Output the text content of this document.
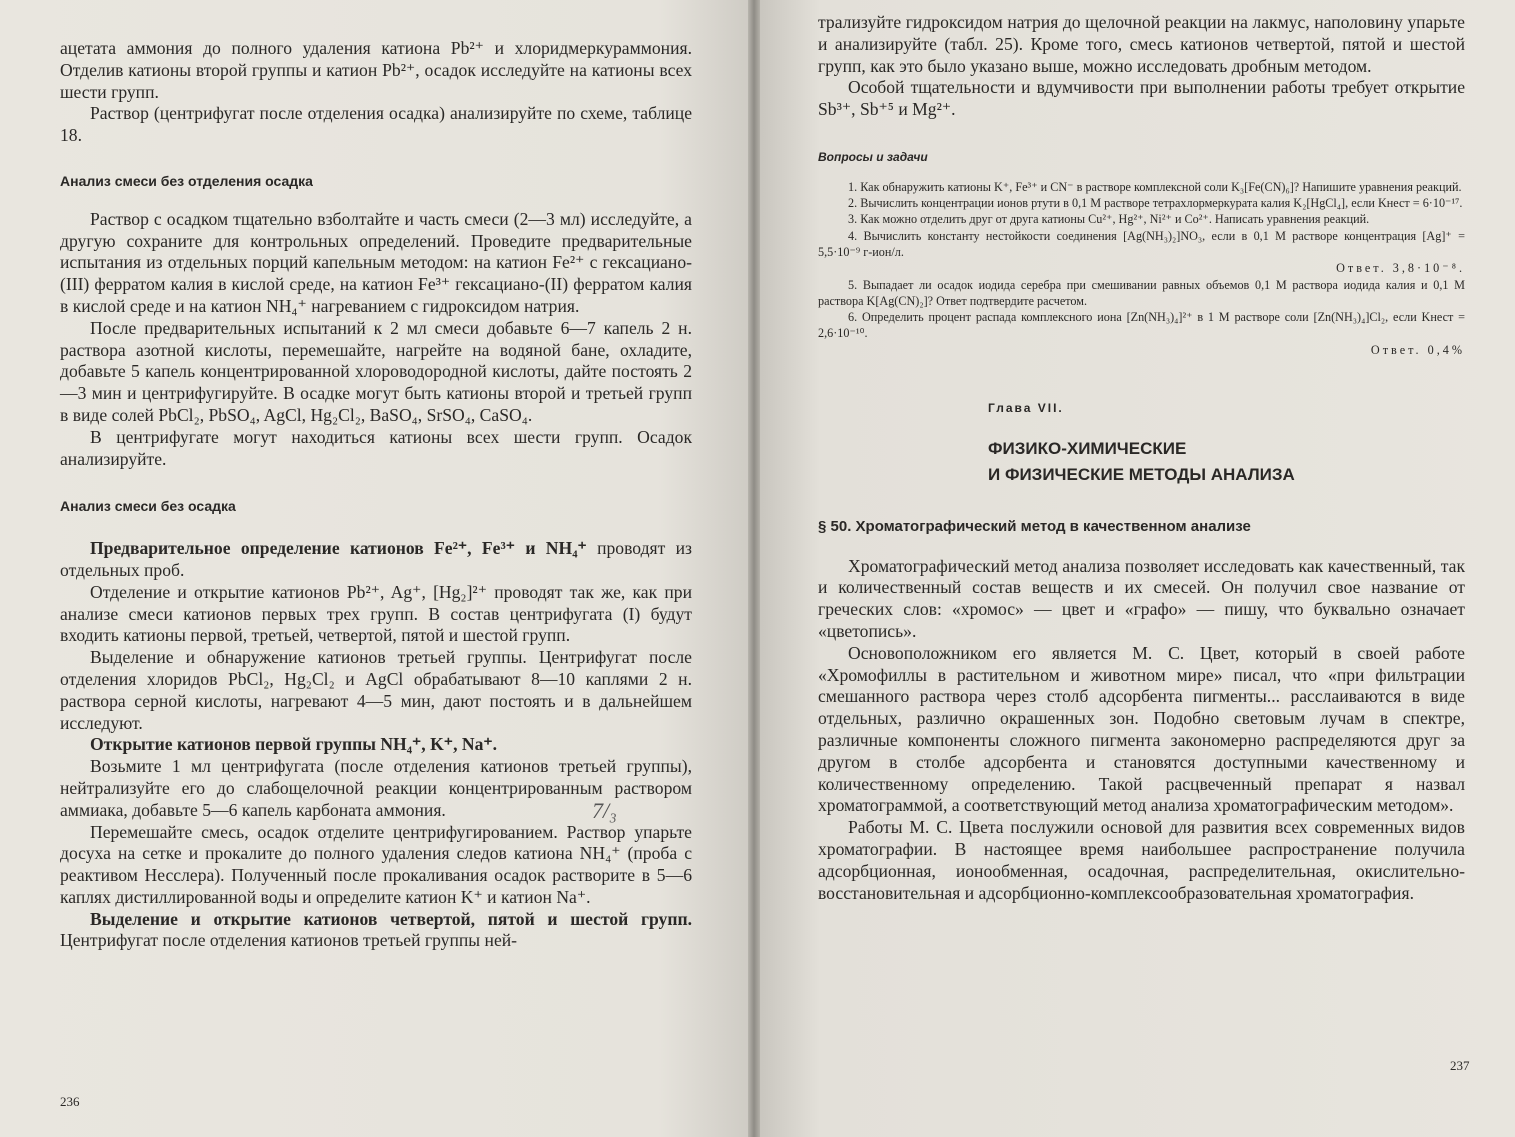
ацетата аммония до полного удаления катиона Pb²⁺ и хлоридмеркураммония. Отделив катионы второй группы и катион Pb²⁺, осадок исследуйте на катионы всех шести групп.

Раствор (центрифугат после отделения осадка) анализируйте по схеме, таблице 18.

Анализ смеси без отделения осадка

Раствор с осадком тщательно взболтайте и часть смеси (2—3 мл) исследуйте, а другую сохраните для контрольных определений. Проведите предварительные испытания из отдельных порций капельным методом: на катион Fe²⁺ с гексациано-(III) ферратом калия в кислой среде, на катион Fe³⁺ гексациано-(II) ферратом калия в кислой среде и на катион NH₄⁺ нагреванием с гидроксидом натрия.

После предварительных испытаний к 2 мл смеси добавьте 6—7 капель 2 н. раствора азотной кислоты, перемешайте, нагрейте на водяной бане, охладите, добавьте 5 капель концентрированной хлороводородной кислоты, дайте постоять 2—3 мин и центрифугируйте. В осадке могут быть катионы второй и третьей групп в виде солей PbCl₂, PbSO₄, AgCl, Hg₂Cl₂, BaSO₄, SrSO₄, CaSO₄.

В центрифугате могут находиться катионы всех шести групп. Осадок анализируйте.

Анализ смеси без осадка

Предварительное определение катионов Fe²⁺, Fe³⁺ и NH₄⁺ проводят из отдельных проб.

Отделение и открытие катионов Pb²⁺, Ag⁺, [Hg₂]²⁺ проводят так же, как при анализе смеси катионов первых трех групп. В состав центрифугата (I) будут входить катионы первой, третьей, четвертой, пятой и шестой групп.

Выделение и обнаружение катионов третьей группы. Центрифугат после отделения хлоридов PbCl₂, Hg₂Cl₂ и AgCl обрабатывают 8—10 каплями 2 н. раствора серной кислоты, нагревают 4—5 мин, дают постоять и в дальнейшем исследуют.

Открытие катионов первой группы NH₄⁺, K⁺, Na⁺.

Возьмите 1 мл центрифугата (после отделения катионов третьей группы), нейтрализуйте его до слабощелочной реакции концентрированным раствором аммиака, добавьте 5—6 капель карбоната аммония.

Перемешайте смесь, осадок отделите центрифугированием. Раствор упарьте досуха на сетке и прокалите до полного удаления следов катиона NH₄⁺ (проба с реактивом Несслера). Полученный после прокаливания осадок растворите в 5—6 каплях дистиллированной воды и определите катион K⁺ и катион Na⁺.

Выделение и открытие катионов четвертой, пятой и шестой групп. Центрифугат после отделения катионов третьей группы ней-

7/₃
236

трализуйте гидроксидом натрия до щелочной реакции на лакмус, наполовину упарьте и анализируйте (табл. 25). Кроме того, смесь катионов четвертой, пятой и шестой групп, как это было указано выше, можно исследовать дробным методом.

Особой тщательности и вдумчивости при выполнении работы требует открытие Sb³⁺, Sb⁺⁵ и Mg²⁺.

Вопросы и задачи

1. Как обнаружить катионы K⁺, Fe³⁺ и CN⁻ в растворе комплексной соли K₃[Fe(CN)₆]? Напишите уравнения реакций.

2. Вычислить концентрации ионов ртути в 0,1 M растворе тетрахлормеркурата калия K₂[HgCl₄], если Kнест = 6·10⁻¹⁷.

3. Как можно отделить друг от друга катионы Cu²⁺, Hg²⁺, Ni²⁺ и Co²⁺. Написать уравнения реакций.

4. Вычислить константу нестойкости соединения [Ag(NH₃)₂]NO₃, если в 0,1 M растворе концентрация [Ag]⁺ = 5,5·10⁻⁹ г-ион/л.

Ответ. 3,8·10⁻⁸.

5. Выпадает ли осадок иодида серебра при смешивании равных объемов 0,1 M раствора иодида калия и 0,1 M раствора K[Ag(CN)₂]? Ответ подтвердите расчетом.

6. Определить процент распада комплексного иона [Zn(NH₃)₄]²⁺ в 1 M растворе соли [Zn(NH₃)₄]Cl₂, если Kнест = 2,6·10⁻¹⁰.

Ответ. 0,4%

Глава VII.

ФИЗИКО-ХИМИЧЕСКИЕ

И ФИЗИЧЕСКИЕ МЕТОДЫ АНАЛИЗА

§ 50. Хроматографический метод в качественном анализе

Хроматографический метод анализа позволяет исследовать как качественный, так и количественный состав веществ и их смесей. Он получил свое название от греческих слов: «хромос» — цвет и «графо» — пишу, что буквально означает «цветопись».

Основоположником его является М. С. Цвет, который в своей работе «Хромофиллы в растительном и животном мире» писал, что «при фильтрации смешанного раствора через столб адсорбента пигменты... расслаиваются в виде отдельных, различно окрашенных зон. Подобно световым лучам в спектре, различные компоненты сложного пигмента закономерно распределяются друг за другом в столбе адсорбента и становятся доступными качественному и количественному определению. Такой расцвеченный препарат я назвал хроматограммой, а соответствующий метод анализа хроматографическим методом».

Работы М. С. Цвета послужили основой для развития всех современных видов хроматографии. В настоящее время наибольшее распространение получила адсорбционная, ионообменная, осадочная, распределительная, окислительно-восстановительная и адсорбционно-комплексообразовательная хроматография.

237
